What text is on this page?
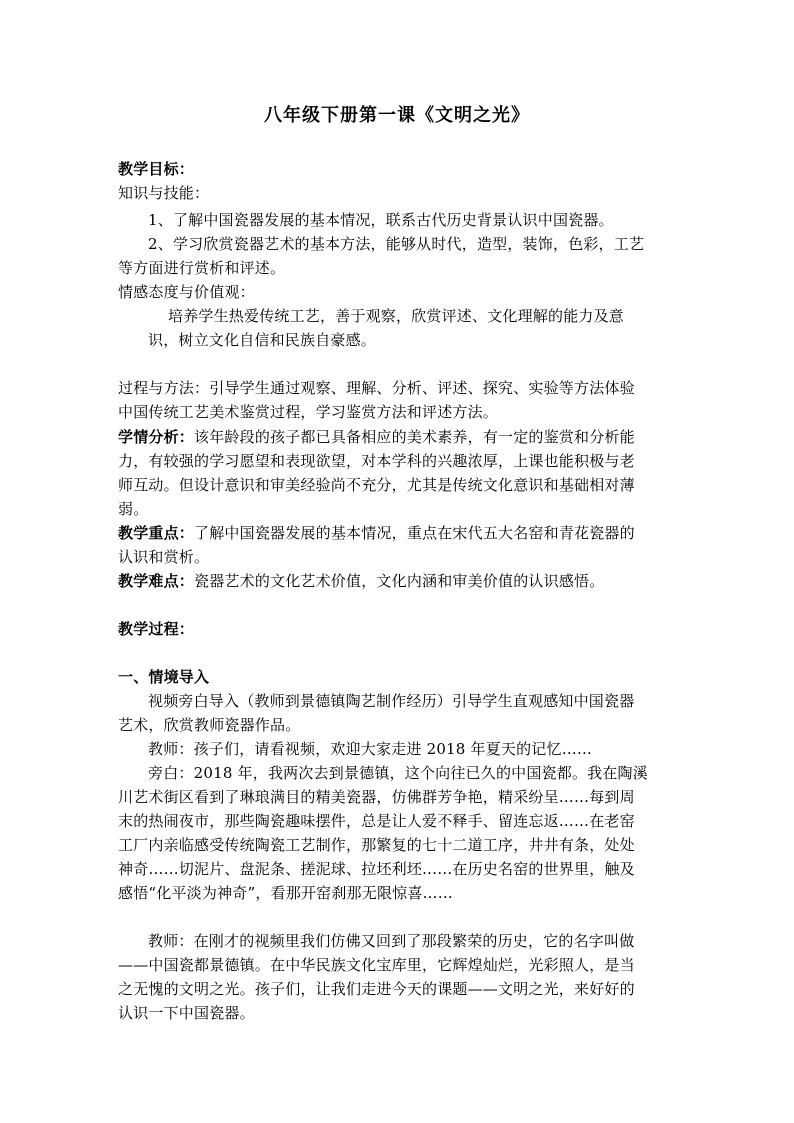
八年级下册第一课《文明之光》
教学目标：
知识与技能：
1、了解中国瓷器发展的基本情况，联系古代历史背景认识中国瓷器。
2、学习欣赏瓷器艺术的基本方法，能够从时代，造型，装饰，色彩，工艺
等方面进行赏析和评述。
情感态度与价值观：
培养学生热爱传统工艺，善于观察，欣赏评述、文化理解的能力及意
识，树立文化自信和民族自豪感。
过程与方法：引导学生通过观察、理解、分析、评述、探究、实验等方法体验
中国传统工艺美术鉴赏过程，学习鉴赏方法和评述方法。
学情分析：该年龄段的孩子都已具备相应的美术素养，有一定的鉴赏和分析能
力，有较强的学习愿望和表现欲望，对本学科的兴趣浓厚，上课也能积极与老
师互动。但设计意识和审美经验尚不充分，尤其是传统文化意识和基础相对薄
弱。
教学重点：了解中国瓷器发展的基本情况，重点在宋代五大名窑和青花瓷器的
认识和赏析。
教学难点：瓷器艺术的文化艺术价值，文化内涵和审美价值的认识感悟。
教学过程：
一、情境导入
视频旁白导入（教师到景德镇陶艺制作经历）引导学生直观感知中国瓷器
艺术，欣赏教师瓷器作品。
教师：孩子们，请看视频，欢迎大家走进 2018 年夏天的记忆……
旁白：2018 年，我两次去到景德镇，这个向往已久的中国瓷都。我在陶溪
川艺术街区看到了琳琅满目的精美瓷器，仿佛群芳争艳，精采纷呈……每到周
末的热闹夜市，那些陶瓷趣味摆件，总是让人爱不释手、留连忘返……在老窑
工厂内亲临感受传统陶瓷工艺制作，那繁复的七十二道工序，井井有条，处处
神奇……切泥片、盘泥条、搓泥球、拉坯利坯……在历史名窑的世界里，触及
感悟“化平淡为神奇”，看那开窑刹那无限惊喜……
教师：在刚才的视频里我们仿佛又回到了那段繁荣的历史，它的名字叫做
——中国瓷都景德镇。在中华民族文化宝库里，它辉煌灿烂，光彩照人，是当
之无愧的文明之光。孩子们，让我们走进今天的课题——文明之光，来好好的
认识一下中国瓷器。
